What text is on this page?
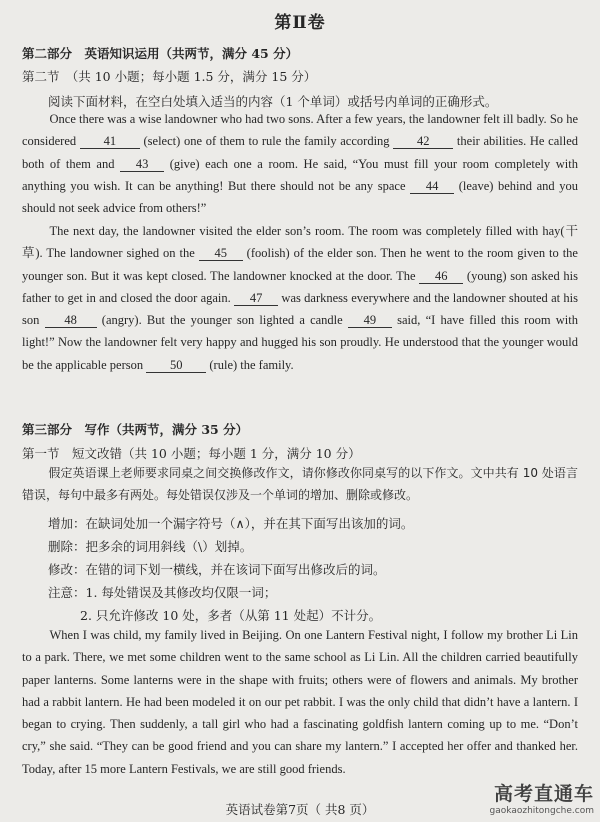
第Ⅱ卷
第二部分　英语知识运用（共两节，满分 45 分）
第二节　（共 10 小题；每小题 1.5 分，满分 15 分）
阅读下面材料，在空白处填入适当的内容（1 个单词）或括号内单词的正确形式。
Once there was a wise landowner who had two sons. After a few years, the landowner felt ill badly. So he considered 41 (select) one of them to rule the family according 42 their abilities. He called both of them and 43 (give) each one a room. He said, “You must fill your room completely with anything you wish. It can be anything! But there should not be any space 44 (leave) behind and you should not seek advice from others!”
The next day, the landowner visited the elder son’s room. The room was completely filled with hay(干草). The landowner sighed on the 45 (foolish) of the elder son. Then he went to the room given to the younger son. But it was kept closed. The landowner knocked at the door. The 46 (young) son asked his father to get in and closed the door again. 47 was darkness everywhere and the landowner shouted at his son 48 (angry). But the younger son lighted a candle 49 said, “I have filled this room with light!” Now the landowner felt very happy and hugged his son proudly. He understood that the younger would be the applicable person 50 (rule) the family.
第三部分　写作（共两节，满分 35 分）
第一节　短文改错（共 10 小题；每小题 1 分，满分 10 分）
假定英语课上老师要求同桌之间交换修改作文，请你修改你同桌写的以下作文。文中共有 10 处语言错误，每句中最多有两处。每处错误仅涉及一个单词的增加、删除或修改。
增加：在缺词处加一个漏字符号（∧），并在其下面写出该加的词。
删除：把多余的词用斜线（\）划掉。
修改：在错的词下划一横线，并在该词下面写出修改后的词。
注意：1. 每处错误及其修改均仅限一词；
2. 只允许修改 10 处，多者（从第 11 处起）不计分。
When I was child, my family lived in Beijing. On one Lantern Festival night, I follow my brother Li Lin to a park. There, we met some children went to the same school as Li Lin. All the children carried beautifully paper lanterns. Some lanterns were in the shape with fruits; others were of flowers and animals. My brother had a rabbit lantern. He had been modeled it on our pet rabbit. I was the only child that didn’t have a lantern. I began to crying. Then suddenly, a tall girl who had a fascinating goldfish lantern coming up to me. “Don’t cry,” she said. “They can be good friend and you can share my lantern.” I accepted her offer and thanked her. Today, after 15 more Lantern Festivals, we are still good friends.
英语试卷第7页（ 共8 页）
高考直通车
gaokaozhitongche.com
